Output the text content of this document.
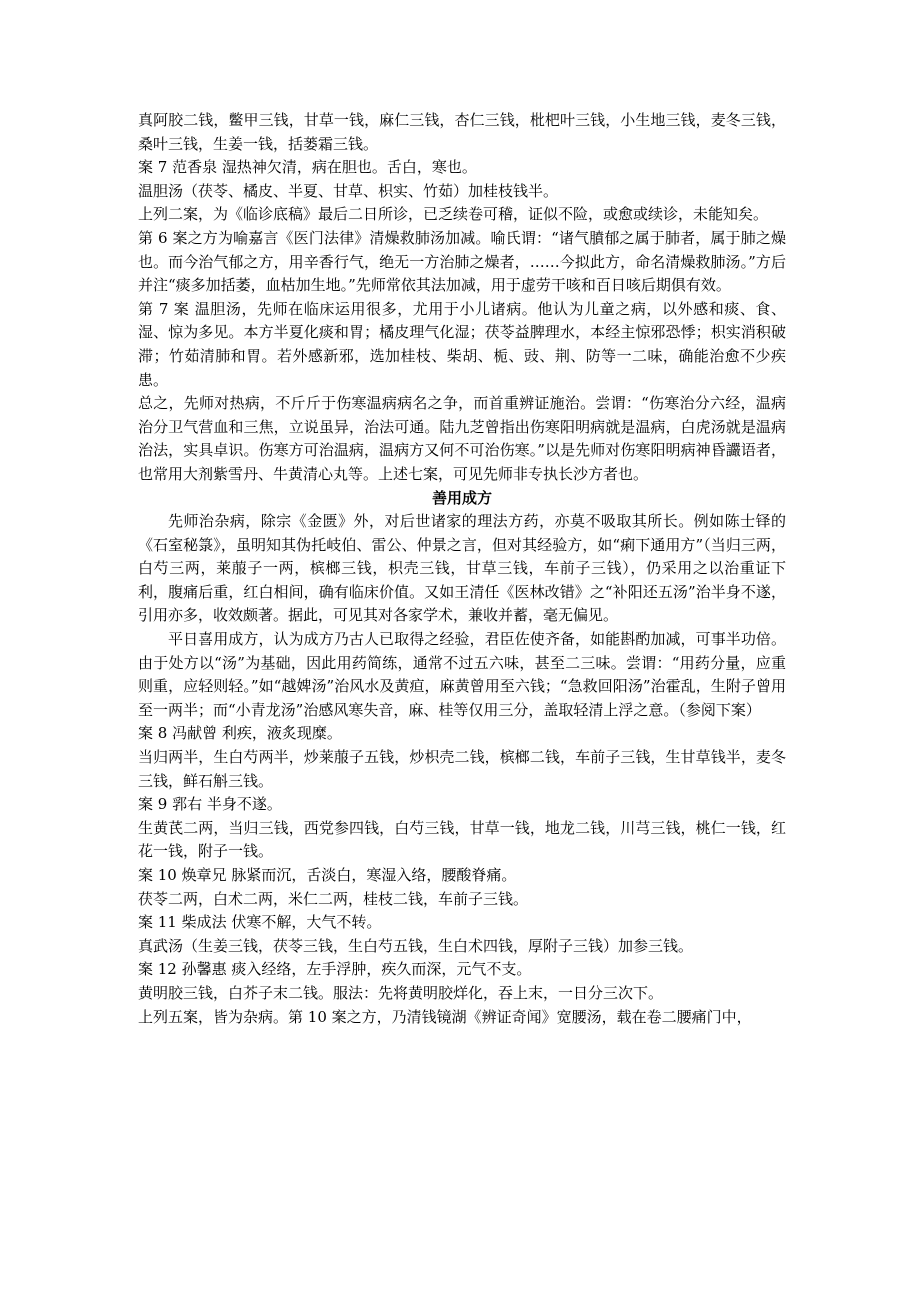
真阿胶二钱，鳖甲三钱，甘草一钱，麻仁三钱，杏仁三钱，枇杷叶三钱，小生地三钱，麦冬三钱，桑叶三钱，生姜一钱，括蒌霜三钱。

案 7 范香泉 湿热神欠清，病在胆也。舌白，寒也。

温胆汤（茯苓、橘皮、半夏、甘草、枳实、竹茹）加桂枝钱半。

上列二案，为《临诊底稿》最后二日所诊，已乏续卷可稽，证似不险，或愈或续诊，未能知矣。

第 6 案之方为喻嘉言《医门法律》清燥救肺汤加减。喻氏谓：“诸气膹郁之属于肺者，属于肺之燥也。而今治气郁之方，用辛香行气，绝无一方治肺之燥者，……今拟此方，命名清燥救肺汤。”方后并注“痰多加括萎，血枯加生地。”先师常依其法加减，用于虚劳干咳和百日咳后期俱有效。

第 7 案 温胆汤，先师在临床运用很多，尤用于小儿诸病。他认为儿童之病，以外感和痰、食、湿、惊为多见。本方半夏化痰和胃；橘皮理气化湿；茯苓益脾理水，本经主惊邪恐悸；枳实消积破滞；竹茹清肺和胃。若外感新邪，选加桂枝、柴胡、栀、豉、荆、防等一二味，确能治愈不少疾患。

总之，先师对热病，不斤斤于伤寒温病病名之争，而首重辨证施治。尝谓：“伤寒治分六经，温病治分卫气营血和三焦，立说虽异，治法可通。陆九芝曾指出伤寒阳明病就是温病，白虎汤就是温病治法，实具卓识。伤寒方可治温病，温病方又何不可治伤寒。”以是先师对伤寒阳明病神昏讝语者，也常用大剂紫雪丹、牛黄清心丸等。上述七案，可见先师非专执长沙方者也。

善用成方

先师治杂病，除宗《金匮》外，对后世诸家的理法方药，亦莫不吸取其所长。例如陈士铎的《石室秘箓》，虽明知其伪托岐伯、雷公、仲景之言，但对其经验方，如“痢下通用方”（当归三两，白芍三两，莱菔子一两，槟榔三钱，枳壳三钱，甘草三钱，车前子三钱），仍采用之以治重证下利，腹痛后重，红白相间，确有临床价值。又如王清任《医林改错》之“补阳还五汤”治半身不遂，引用亦多，收效颇著。据此，可见其对各家学术，兼收并蓄，毫无偏见。

平日喜用成方，认为成方乃古人已取得之经验，君臣佐使齐备，如能斟酌加减，可事半功倍。由于处方以“汤”为基础，因此用药简练，通常不过五六味，甚至二三味。尝谓：“用药分量，应重则重，应轻则轻。”如“越婢汤”治风水及黄疸，麻黄曾用至六钱；“急救回阳汤”治霍乱，生附子曾用至一两半；而“小青龙汤”治感风寒失音，麻、桂等仅用三分，盖取轻清上浮之意。（参阅下案）

案 8 冯献曾 利疾，液炙现糜。

当归两半，生白芍两半，炒莱菔子五钱，炒枳壳二钱，槟榔二钱，车前子三钱，生甘草钱半，麦冬三钱，鲜石斛三钱。

案 9 郛右 半身不遂。

生黄芪二两，当归三钱，西党参四钱，白芍三钱，甘草一钱，地龙二钱，川芎三钱，桃仁一钱，红花一钱，附子一钱。

案 10 焕章兄 脉紧而沉，舌淡白，寒湿入络，腰酸脊痛。

茯苓二两，白术二两，米仁二两，桂枝二钱，车前子三钱。

案 11 柴成法 伏寒不解，大气不转。

真武汤（生姜三钱，茯苓三钱，生白芍五钱，生白术四钱，厚附子三钱）加参三钱。

案 12 孙馨惠 痰入经络，左手浮肿，疾久而深，元气不支。

黄明胶三钱，白芥子末二钱。服法：先将黄明胶烊化，吞上末，一日分三次下。

上列五案，皆为杂病。第 10 案之方，乃清钱镜湖《辨证奇闻》宽腰汤，载在卷二腰痛门中，
